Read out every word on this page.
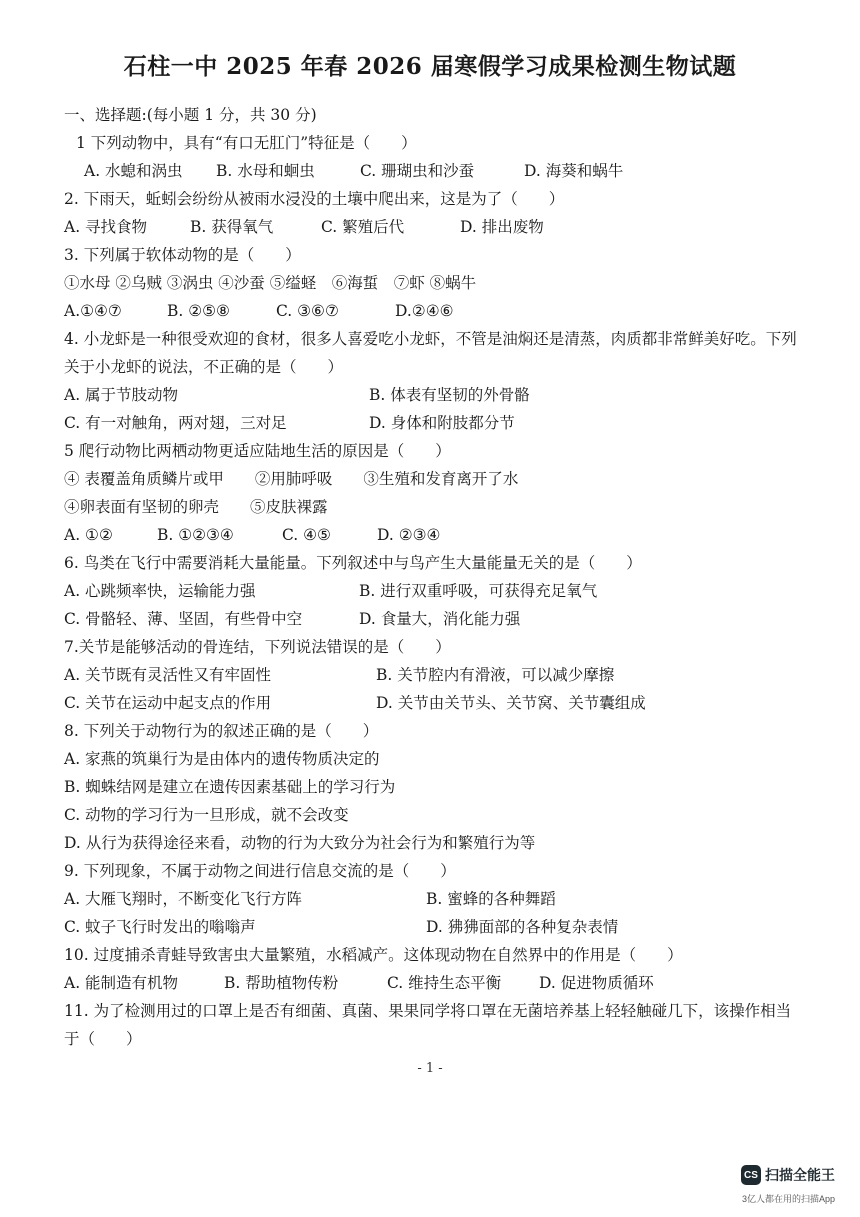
石柱一中 2025 年春 2026 届寒假学习成果检测生物试题
一、选择题:(每小题 1 分，共 30 分)
1 下列动物中，具有“有口无肛门”特征是（　　）
A. 水螅和涡虫 B. 水母和蛔虫	C. 珊瑚虫和沙蚕	D. 海葵和蜗牛
2. 下雨天，蚯蚓会纷纷从被雨水浸没的土壤中爬出来，这是为了（　　）
A. 寻找食物	B. 获得氧气	C. 繁殖后代	D. 排出废物
3. 下列属于软体动物的是（　　）
①水母 ②乌贼 ③涡虫 ④沙蚕 ⑤缢蛏　⑥海蜇　⑦虾 ⑧蜗牛
A.①④⑦	B. ②⑤⑧	C. ③⑥⑦	D.②④⑥
4. 小龙虾是一种很受欢迎的食材，很多人喜爱吃小龙虾，不管是油焖还是清蒸，肉质都非常鲜美好吃。下列关于小龙虾的说法，不正确的是（　　）
A. 属于节肢动物	B. 体表有坚韧的外骨骼
C. 有一对触角，两对翅，三对足	D. 身体和附肢都分节
5 爬行动物比两栖动物更适应陆地生活的原因是（　　）
④ 表覆盖角质鳞片或甲　　②用肺呼吸　　③生殖和发育离开了水
④卵表面有坚韧的卵壳　　⑤皮肤裸露
A. ①②	B. ①②③④	C. ④⑤	D. ②③④
6. 鸟类在飞行中需要消耗大量能量。下列叙述中与鸟产生大量能量无关的是（　　）
A. 心跳频率快，运输能力强	B. 进行双重呼吸，可获得充足氧气
C. 骨骼轻、薄、坚固，有些骨中空	D. 食量大，消化能力强
7.关节是能够活动的骨连结，下列说法错误的是（　　）
A. 关节既有灵活性又有牢固性	B. 关节腔内有滑液，可以减少摩擦
C. 关节在运动中起支点的作用	D. 关节由关节头、关节窝、关节囊组成
8. 下列关于动物行为的叙述正确的是（　　）
A. 家燕的筑巢行为是由体内的遗传物质决定的
B. 蜘蛛结网是建立在遗传因素基础上的学习行为
C. 动物的学习行为一旦形成，就不会改变
D. 从行为获得途径来看，动物的行为大致分为社会行为和繁殖行为等
9. 下列现象，不属于动物之间进行信息交流的是（　　）
A. 大雁飞翔时，不断变化飞行方阵	B. 蜜蜂的各种舞蹈
C. 蚊子飞行时发出的嗡嗡声	D. 狒狒面部的各种复杂表情
10. 过度捕杀青蛙导致害虫大量繁殖，水稻减产。这体现动物在自然界中的作用是（　　）
A. 能制造有机物	B. 帮助植物传粉	C. 维持生态平衡 D. 促进物质循环
11. 为了检测用过的口罩上是否有细菌、真菌、果果同学将口罩在无菌培养基上轻轻触碰几下，该操作相当于（　　）
- 1 -
CS 扫描全能王
3亿人都在用的扫描App
